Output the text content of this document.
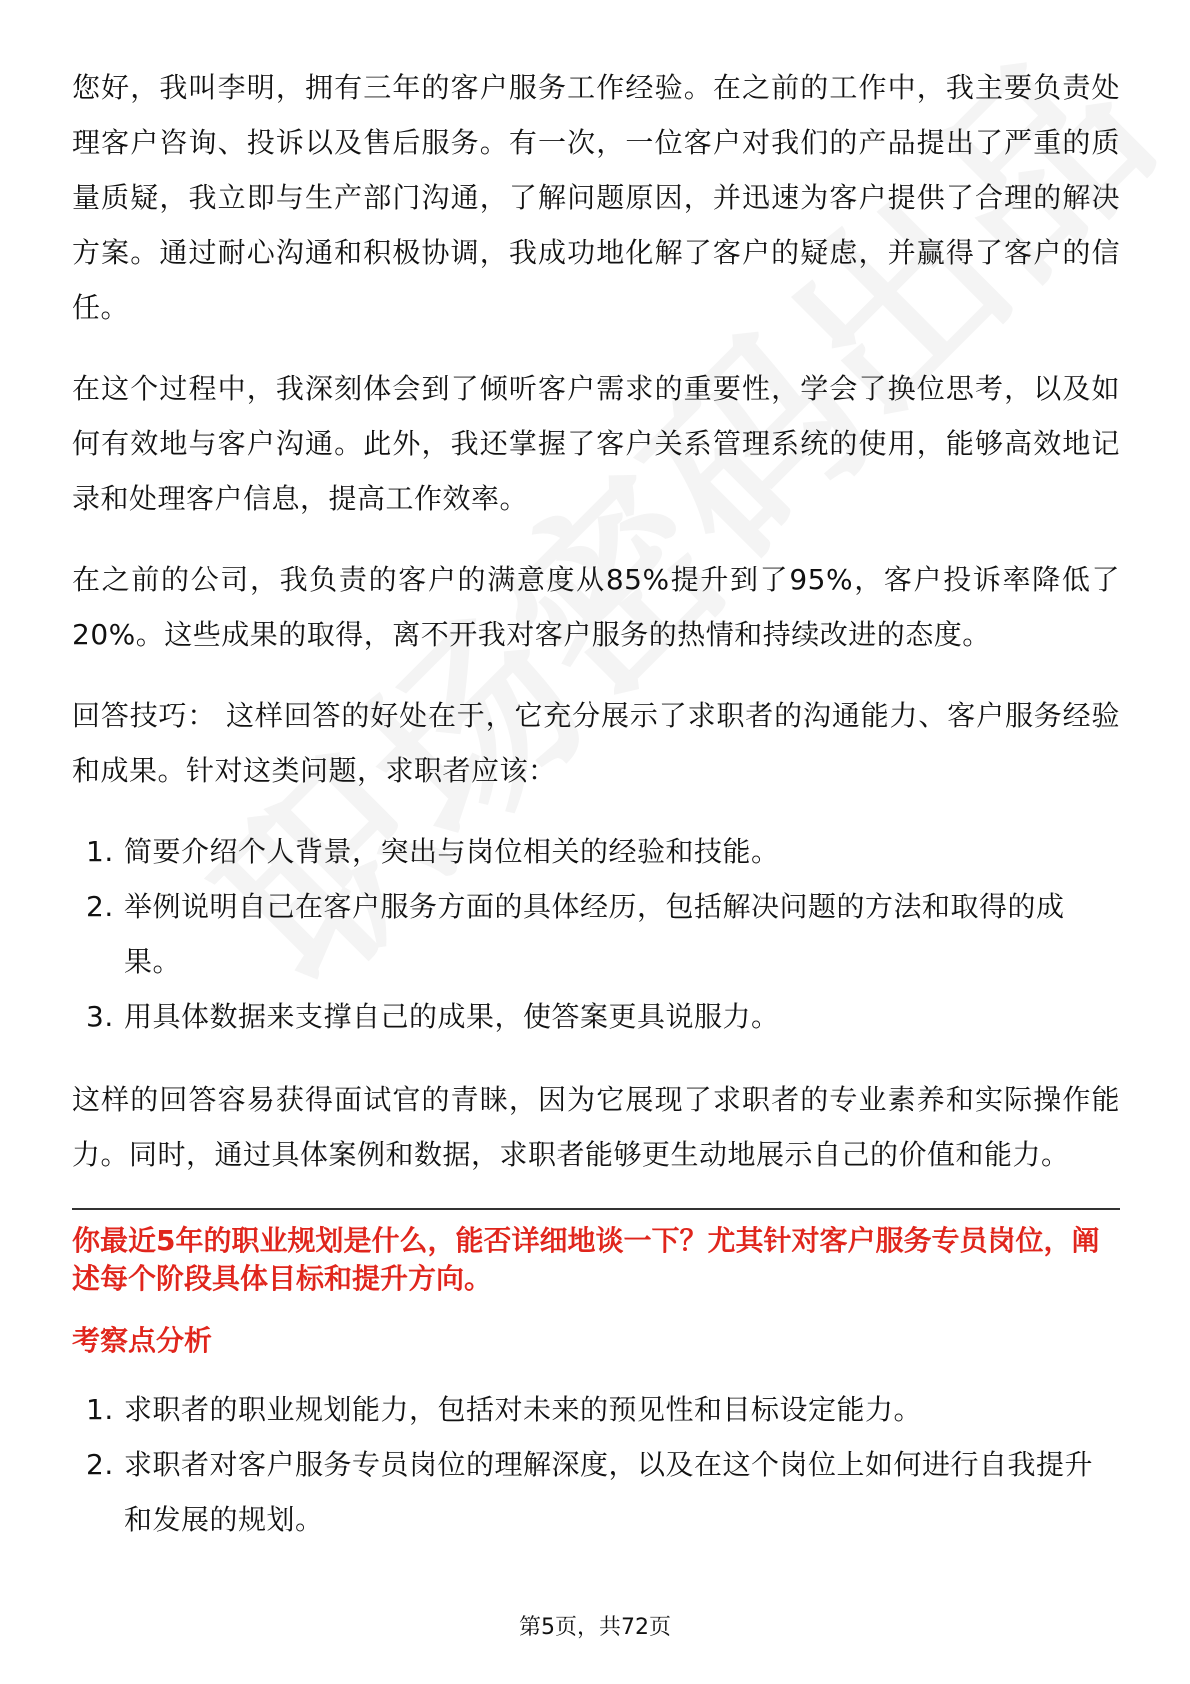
您好，我叫李明，拥有三年的客户服务工作经验。在之前的工作中，我主要负责处理客户咨询、投诉以及售后服务。有一次，一位客户对我们的产品提出了严重的质量质疑，我立即与生产部门沟通，了解问题原因，并迅速为客户提供了合理的解决方案。通过耐心沟通和积极协调，我成功地化解了客户的疑虑，并赢得了客户的信任。

在这个过程中，我深刻体会到了倾听客户需求的重要性，学会了换位思考，以及如何有效地与客户沟通。此外，我还掌握了客户关系管理系统的使用，能够高效地记录和处理客户信息，提高工作效率。

在之前的公司，我负责的客户的满意度从85%提升到了95%，客户投诉率降低了20%。这些成果的取得，离不开我对客户服务的热情和持续改进的态度。

回答技巧： 这样回答的好处在于，它充分展示了求职者的沟通能力、客户服务经验和成果。针对这类问题，求职者应该：

1. 简要介绍个人背景，突出与岗位相关的经验和技能。
2. 举例说明自己在客户服务方面的具体经历，包括解决问题的方法和取得的成果。
3. 用具体数据来支撑自己的成果，使答案更具说服力。

这样的回答容易获得面试官的青睐，因为它展现了求职者的专业素养和实际操作能力。同时，通过具体案例和数据，求职者能够更生动地展示自己的价值和能力。

你最近5年的职业规划是什么，能否详细地谈一下？尤其针对客户服务专员岗位，阐述每个阶段具体目标和提升方向。

考察点分析

1. 求职者的职业规划能力，包括对未来的预见性和目标设定能力。
2. 求职者对客户服务专员岗位的理解深度，以及在这个岗位上如何进行自我提升和发展的规划。
第5页，共72页
